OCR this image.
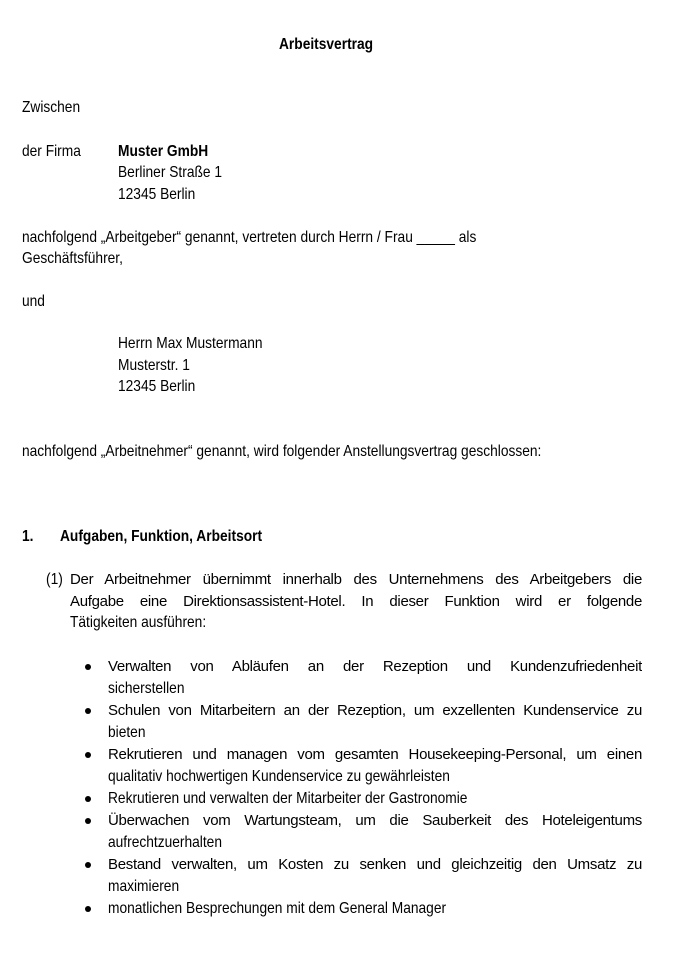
Arbeitsvertrag
Zwischen
der Firma	Muster GmbH
Berliner Straße 1
12345 Berlin
nachfolgend „Arbeitgeber“ genannt, vertreten durch Herrn / Frau _____ als
Geschäftsführer,
und
Herrn Max Mustermann
Musterstr. 1
12345 Berlin
nachfolgend „Arbeitnehmer“ genannt, wird folgender Anstellungsvertrag geschlossen:
1. Aufgaben, Funktion, Arbeitsort
(1) Der Arbeitnehmer übernimmt innerhalb des Unternehmens des Arbeitgebers die
Aufgabe eine Direktionsassistent-Hotel. In dieser Funktion wird er folgende
Tätigkeiten ausführen:
Verwalten von Abläufen an der Rezeption und Kundenzufriedenheit
sicherstellen
Schulen von Mitarbeitern an der Rezeption, um exzellenten Kundenservice zu
bieten
Rekrutieren und managen vom gesamten Housekeeping-Personal, um einen
qualitativ hochwertigen Kundenservice zu gewährleisten
Rekrutieren und verwalten der Mitarbeiter der Gastronomie
Überwachen vom Wartungsteam, um die Sauberkeit des Hoteleigentums
aufrechtzuerhalten
Bestand verwalten, um Kosten zu senken und gleichzeitig den Umsatz zu
maximieren
monatlichen Besprechungen mit dem General Manager
